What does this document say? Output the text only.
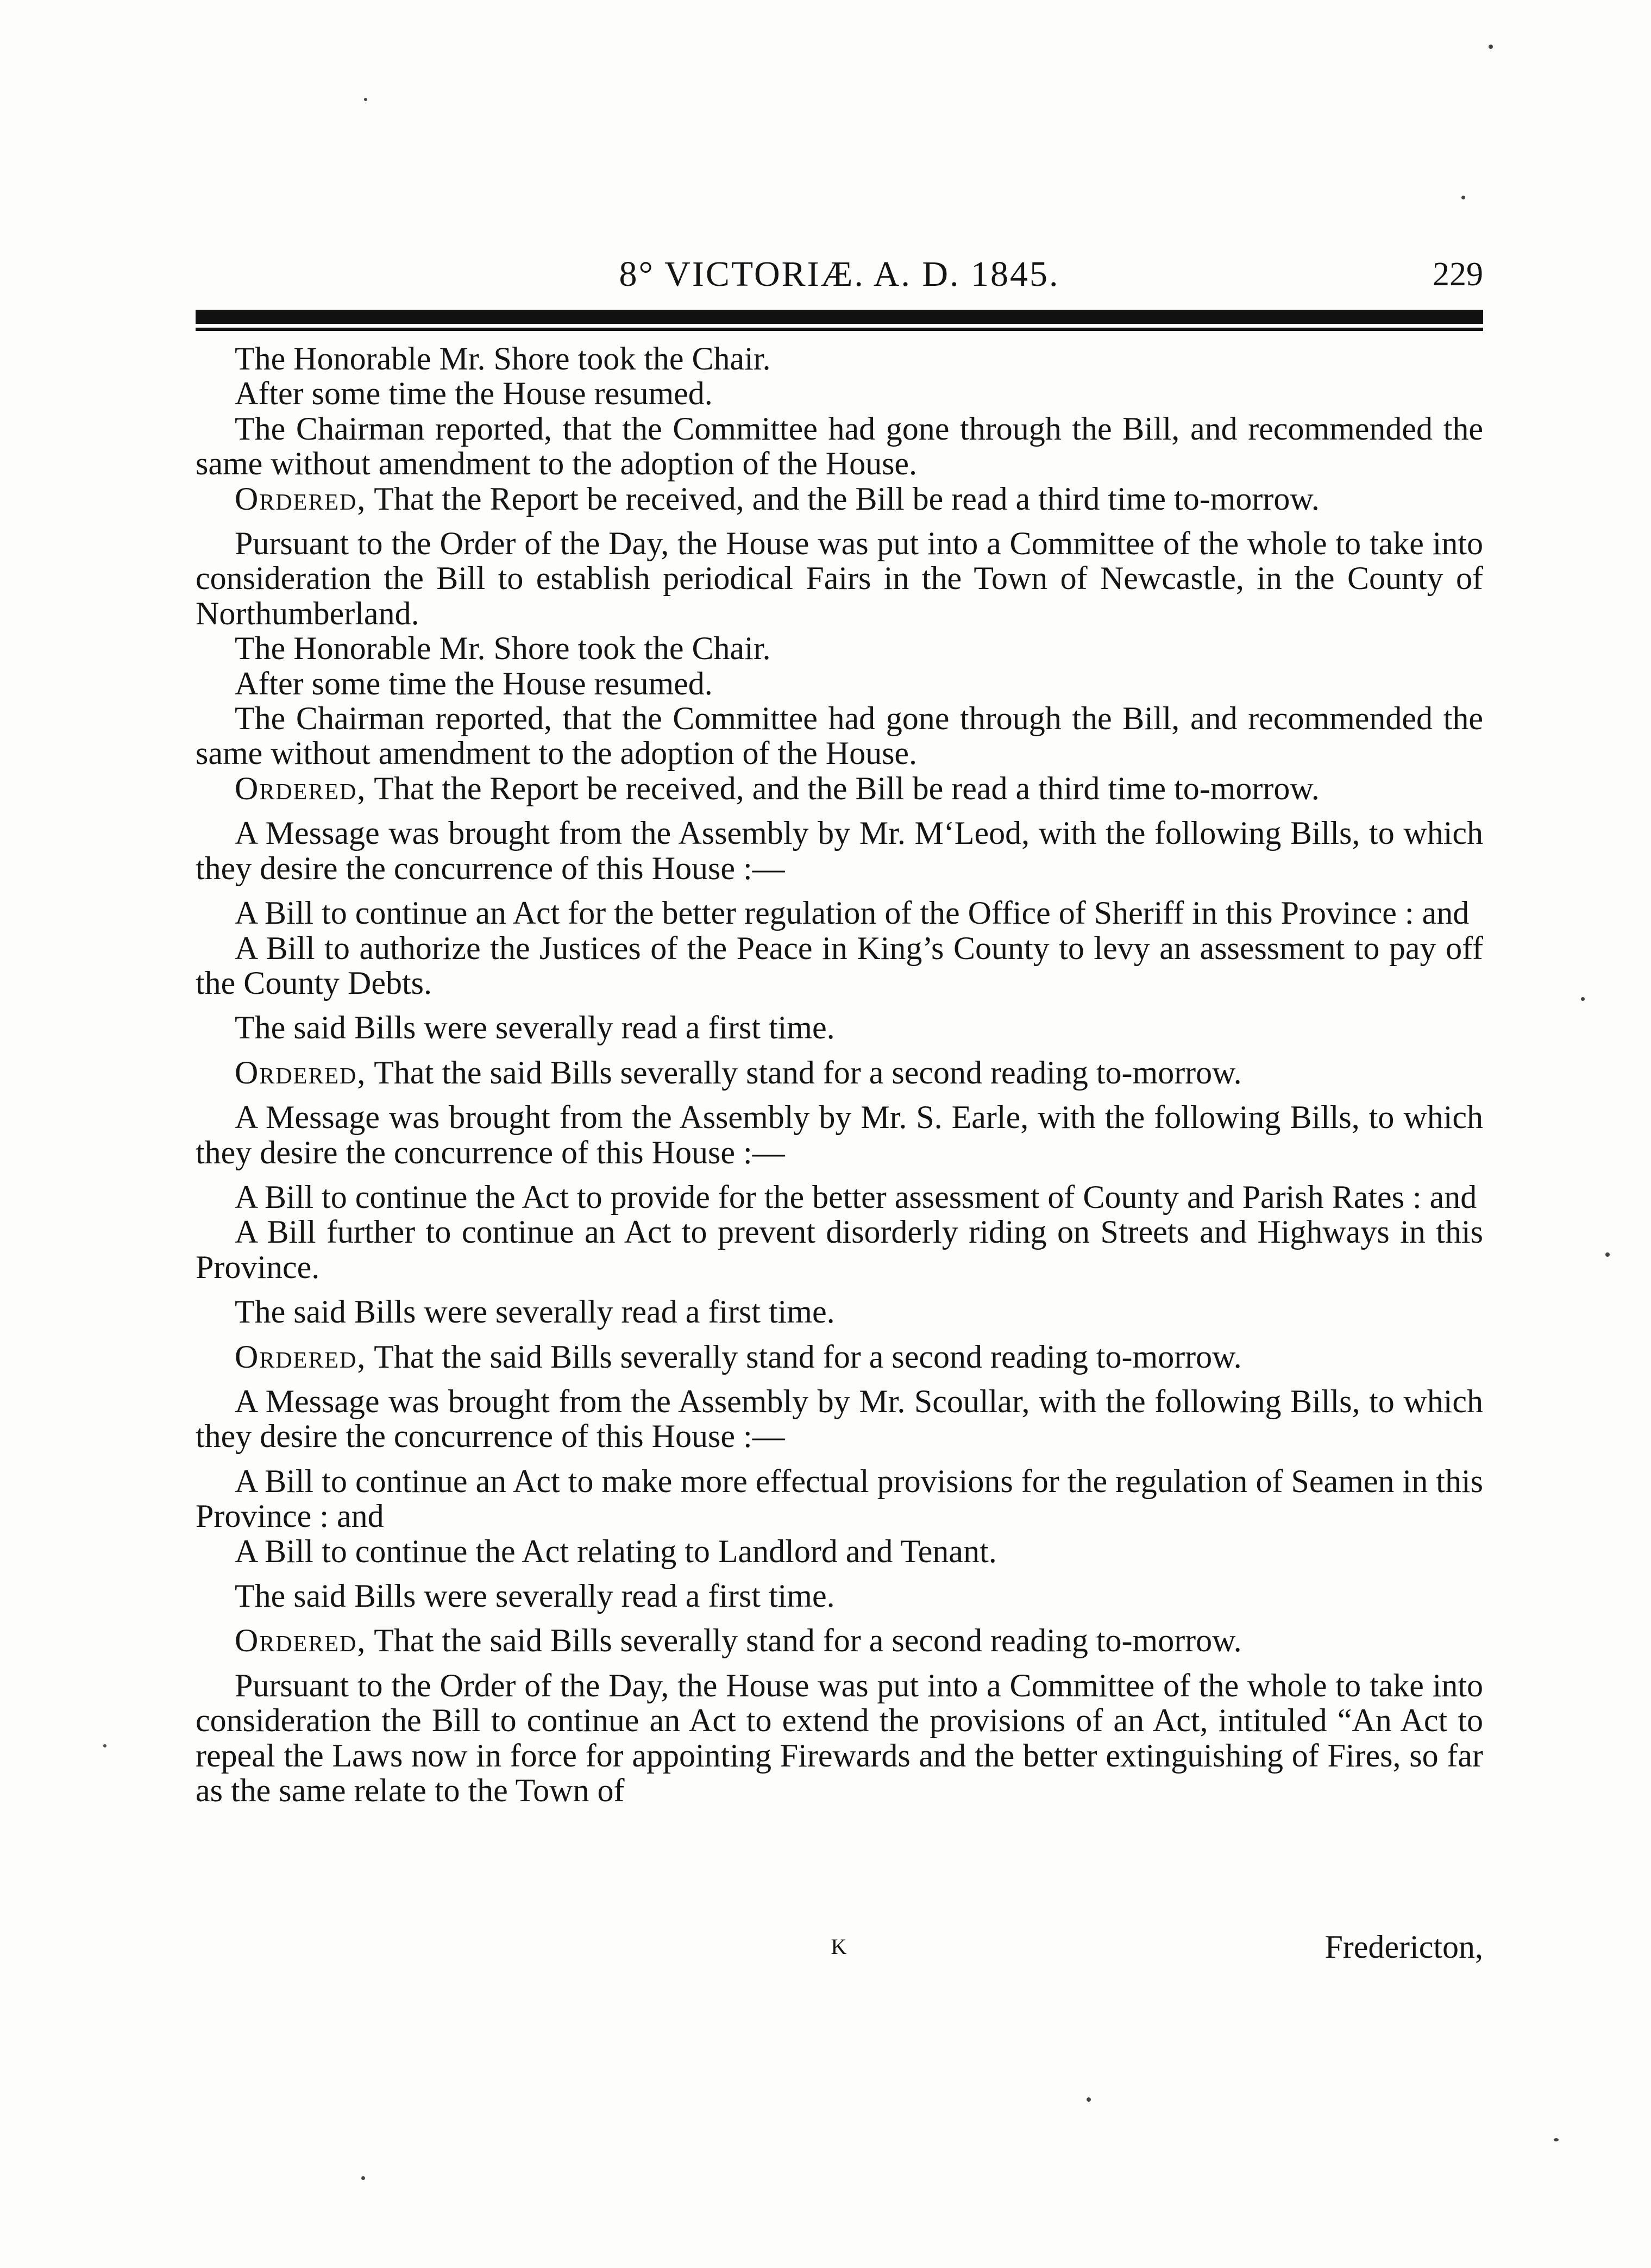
8° VICTORIÆ. A. D. 1845.	229

The Honorable Mr. Shore took the Chair.

After some time the House resumed.

The Chairman reported, that the Committee had gone through the Bill, and recommended the same without amendment to the adoption of the House.

Ordered, That the Report be received, and the Bill be read a third time to-morrow.

Pursuant to the Order of the Day, the House was put into a Committee of the whole to take into consideration the Bill to establish periodical Fairs in the Town of Newcastle, in the County of Northumberland.

The Honorable Mr. Shore took the Chair.

After some time the House resumed.

The Chairman reported, that the Committee had gone through the Bill, and recommended the same without amendment to the adoption of the House.

Ordered, That the Report be received, and the Bill be read a third time to-morrow.

A Message was brought from the Assembly by Mr. M‘Leod, with the following Bills, to which they desire the concurrence of this House :—

A Bill to continue an Act for the better regulation of the Office of Sheriff in this Province : and

A Bill to authorize the Justices of the Peace in King’s County to levy an assessment to pay off the County Debts.

The said Bills were severally read a first time.

Ordered, That the said Bills severally stand for a second reading to-morrow.

A Message was brought from the Assembly by Mr. S. Earle, with the following Bills, to which they desire the concurrence of this House :—

A Bill to continue the Act to provide for the better assessment of County and Parish Rates : and

A Bill further to continue an Act to prevent disorderly riding on Streets and Highways in this Province.

The said Bills were severally read a first time.

Ordered, That the said Bills severally stand for a second reading to-morrow.

A Message was brought from the Assembly by Mr. Scoullar, with the following Bills, to which they desire the concurrence of this House :—

A Bill to continue an Act to make more effectual provisions for the regulation of Seamen in this Province : and

A Bill to continue the Act relating to Landlord and Tenant.

The said Bills were severally read a first time.

Ordered, That the said Bills severally stand for a second reading to-morrow.

Pursuant to the Order of the Day, the House was put into a Committee of the whole to take into consideration the Bill to continue an Act to extend the provisions of an Act, intituled “An Act to repeal the Laws now in force for appointing Firewards and the better extinguishing of Fires, so far as the same relate to the Town of

K	Fredericton,
